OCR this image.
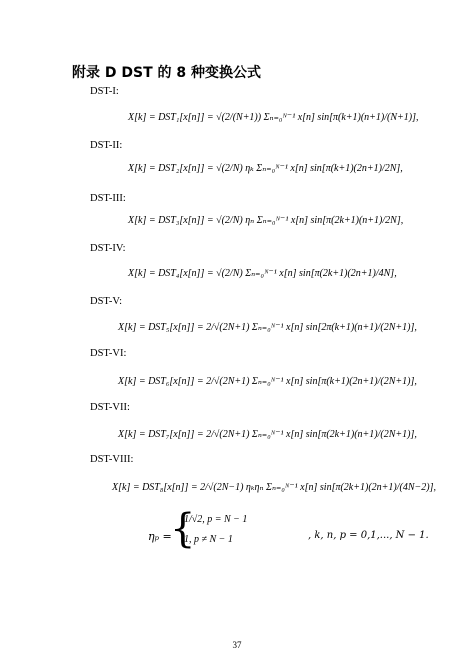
附录 D DST 的 8 种变换公式
DST-I:
DST-II:
DST-III:
DST-IV:
DST-V:
DST-VI:
DST-VII:
DST-VIII:
X[k] = DST₁[x[n]] = √(2/(N+1)) Σₙ₌₀ᴺ⁻¹ x[n] sin[π(k+1)(n+1)/(N+1)],
X[k] = DST₂[x[n]] = √(2/N) ηₖ Σₙ₌₀ᴺ⁻¹ x[n] sin[π(k+1)(2n+1)/2N],
X[k] = DST₃[x[n]] = √(2/N) ηₙ Σₙ₌₀ᴺ⁻¹ x[n] sin[π(2k+1)(n+1)/2N],
X[k] = DST₄[x[n]] = √(2/N) Σₙ₌₀ᴺ⁻¹ x[n] sin[π(2k+1)(2n+1)/4N],
X[k] = DST₅[x[n]] = 2/√(2N+1) Σₙ₌₀ᴺ⁻¹ x[n] sin[2π(k+1)(n+1)/(2N+1)],
X[k] = DST₆[x[n]] = 2/√(2N+1) Σₙ₌₀ᴺ⁻¹ x[n] sin[π(k+1)(2n+1)/(2N+1)],
X[k] = DST₇[x[n]] = 2/√(2N+1) Σₙ₌₀ᴺ⁻¹ x[n] sin[π(2k+1)(n+1)/(2N+1)],
X[k] = DST₈[x[n]] = 2/√(2N−1) ηₖηₙ Σₙ₌₀ᴺ⁻¹ x[n] sin[π(2k+1)(2n+1)/(4N−2)],
ηₚ =
{
1/√2, p = N − 1
1, p ≠ N − 1	, k, n, p = 0,1,..., N − 1.
37
